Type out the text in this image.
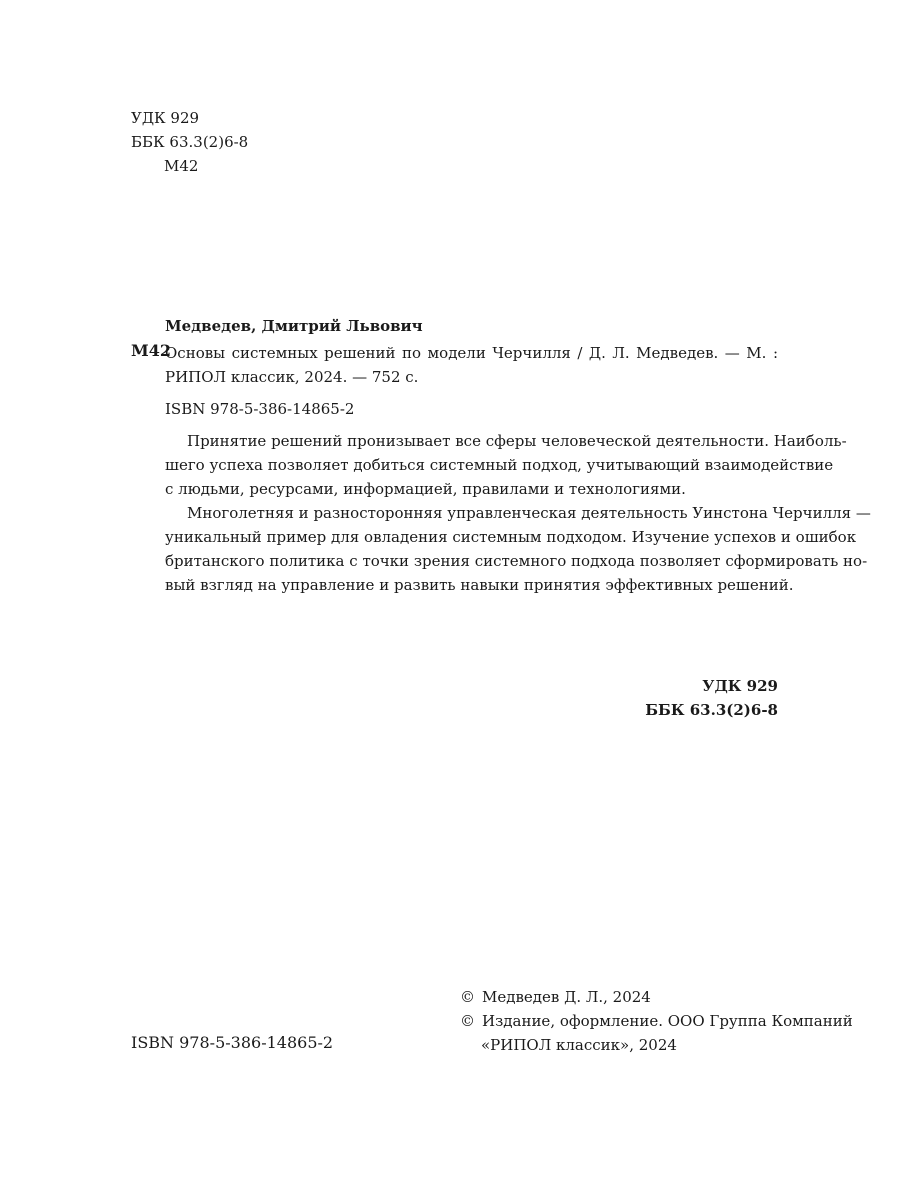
УДК 929
ББК 63.3(2)6-8
М42
Медведев, Дмитрий Львович
М42
Основы системных решений по модели Черчилля / Д. Л. Медведев. — М. :
РИПОЛ классик, 2024. — 752 с.
ISBN 978-5-386-14865-2
Принятие решений пронизывает все сферы человеческой деятельности. Наиболь-
шего успеха позволяет добиться системный подход, учитывающий взаимодействие
с людьми, ресурсами, информацией, правилами и технологиями.
Многолетняя и разносторонняя управленческая деятельность Уинстона Черчилля —
уникальный пример для овладения системным подходом. Изучение успехов и ошибок
британского политика с точки зрения системного подхода позволяет сформировать но-
вый взгляд на управление и развить навыки принятия эффективных решений.
УДК 929
ББК 63.3(2)6-8
© Медведев Д. Л., 2024
© Издание, оформление. ООО Группа Компаний
«РИПОЛ классик», 2024
ISBN 978-5-386-14865-2
